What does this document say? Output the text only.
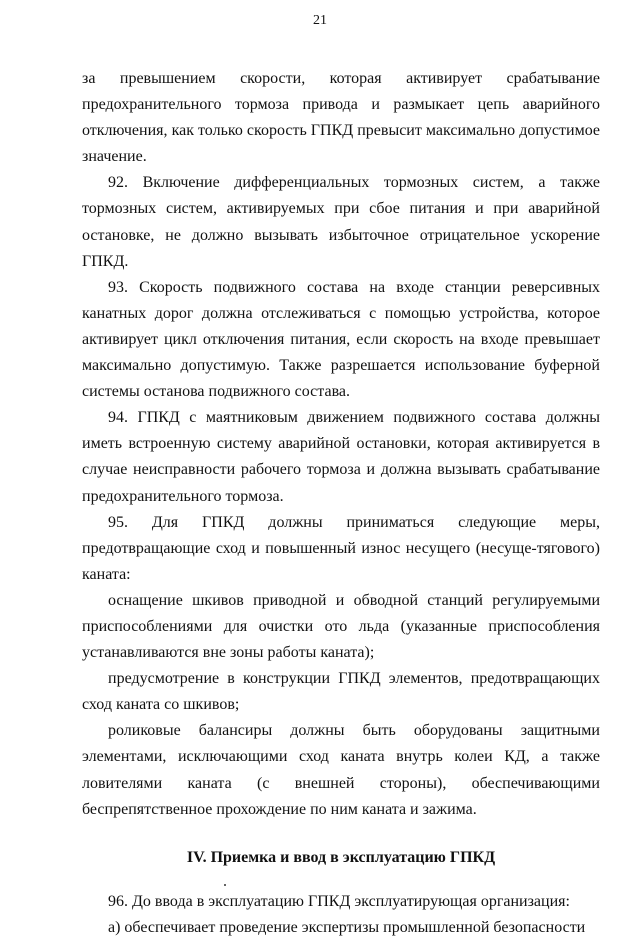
21

за превышением скорости, которая активирует срабатывание предохранительного тормоза привода и размыкает цепь аварийного отключения, как только скорость ГПКД превысит максимально допустимое значение.

92. Включение дифференциальных тормозных систем, а также тормозных систем, активируемых при сбое питания и при аварийной остановке, не должно вызывать избыточное отрицательное ускорение ГПКД.

93. Скорость подвижного состава на входе станции реверсивных канатных дорог должна отслеживаться с помощью устройства, которое активирует цикл отключения питания, если скорость на входе превышает максимально допустимую. Также разрешается использование буферной системы останова подвижного состава.

94. ГПКД с маятниковым движением подвижного состава должны иметь встроенную систему аварийной остановки, которая активируется в случае неисправности рабочего тормоза и должна вызывать срабатывание предохранительного тормоза.

95. Для ГПКД должны приниматься следующие меры, предотвращающие сход и повышенный износ несущего (несуще-тягового) каната:

оснащение шкивов приводной и обводной станций регулируемыми приспособлениями для очистки ото льда (указанные приспособления устанавливаются вне зоны работы каната);

предусмотрение в конструкции ГПКД элементов, предотвращающих сход каната со шкивов;

роликовые балансиры должны быть оборудованы защитными элементами, исключающими сход каната внутрь колеи КД, а также ловителями каната (с внешней стороны), обеспечивающими беспрепятственное прохождение по ним каната и зажима.

IV. Приемка и ввод в эксплуатацию ГПКД

96. До ввода в эксплуатацию ГПКД эксплуатирующая организация:

а) обеспечивает проведение экспертизы промышленной безопасности
